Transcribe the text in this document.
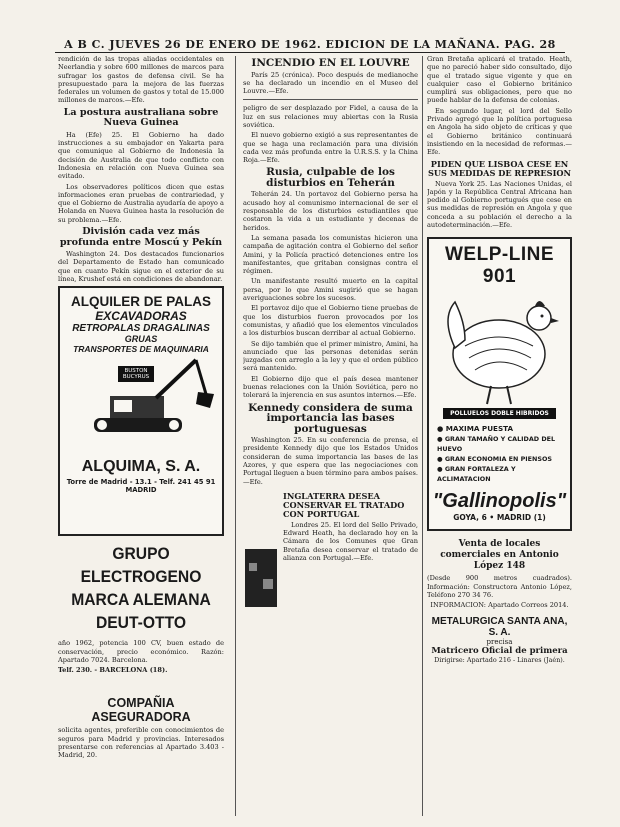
A B C. JUEVES 26 DE ENERO DE 1962. EDICION DE LA MAÑANA. PAG. 28

rendición de las tropas aliadas occidentales en Neerlandia y sobre 600 millones de marcos para sufragar los gastos de defensa civil. Se ha presupuestado para la mejora de las fuerzas federales un volumen de gastos y total de 15.000 millones de marcos.—Efe.

La postura australiana sobre Nueva Guinea

Ha (Efe) 25. El Gobierno ha dado instrucciones a su embajador en Yakarta para que comunique al Gobierno de Indonesia la decisión de Australia de que todo conflicto con Indonesia en relación con Nueva Guinea sea evitado.

Los observadores políticos dicen que estas informaciones eran pruebas de contrariedad, y que el Gobierno de Australia ayudaría de apoyo a Holanda en Nueva Guinea hasta la resolución de su problema.—Efe.

División cada vez más profunda entre Moscú y Pekín

Washington 24. Dos destacados funcionarios del Departamento de Estado han comunicado que en cuanto Pekín sigue en el exterior de su línea, Krushef está en condiciones de abandonar.

ALQUILER DE PALAS
EXCAVADORAS
RETROPALAS DRAGALINAS
GRUAS
TRANSPORTES DE MAQUINARIA
BUSTON BUCYRUS
ALQUIMA, S. A.
Torre de Madrid - 13.1 - Telf. 241 45 91
MADRID
GRUPO ELECTROGENO
MARCA ALEMANA
DEUT-OTTO

año 1962, potencia 100 CV, buen estado de conservación, precio económico. Razón: Apartado 7024. Barcelona.

Telf. 230. - BARCELONA (18).

COMPAÑIA ASEGURADORA

solicita agentes, preferible con conocimientos de seguros para Madrid y provincias. Interesados presentarse con referencias al Apartado 3.403 - Madrid, 20.

INCENDIO EN EL LOUVRE

París 25 (crónica). Poco después de medianoche se ha declarado un incendio en el Museo del Louvre.—Efe.

peligro de ser desplazado por Fidel, a causa de la luz en sus relaciones muy abiertas con la Rusia soviética.

El nuevo gobierno exigió a sus representantes de que se haga una reclamación para una división cada vez más profunda entre la U.R.S.S. y la China Roja.—Efe.

Rusia, culpable de los disturbios en Teherán

Teherán 24. Un portavoz del Gobierno persa ha acusado hoy al comunismo internacional de ser el responsable de los disturbios estudiantiles que costaron la vida a un estudiante y decenas de heridos.

La semana pasada los comunistas hicieron una campaña de agitación contra el Gobierno del señor Amini, y la Policía practicó detenciones entre los manifestantes, que gritaban consignas contra el régimen.

Un manifestante resultó muerto en la capital persa, por lo que Amini sugirió que se hagan averiguaciones sobre los sucesos.

El portavoz dijo que el Gobierno tiene pruebas de que los disturbios fueron provocados por los comunistas, y añadió que los elementos vinculados a los disturbios buscan derribar al actual Gobierno.

Se dijo también que el primer ministro, Amini, ha anunciado que las personas detenidas serán juzgadas con arreglo a la ley y que el orden público será mantenido.

El Gobierno dijo que el país desea mantener buenas relaciones con la Unión Soviética, pero no tolerará la injerencia en sus asuntos internos.—Efe.

Kennedy considera de suma importancia las bases portuguesas

Washington 25. En su conferencia de prensa, el presidente Kennedy dijo que los Estados Unidos consideran de suma importancia las bases de las Azores, y que espera que las negociaciones con Portugal lleguen a buen término para ambos países.—Efe.

INGLATERRA DESEA CONSERVAR EL TRATADO CON PORTUGAL

Londres 25. El lord del Sello Privado, Edward Heath, ha declarado hoy en la Cámara de los Comunes que Gran Bretaña desea conservar el tratado de alianza con Portugal.—Efe.

Gran Bretaña aplicará el tratado. Heath, que no pareció haber sido consultado, dijo que el tratado sigue vigente y que en cualquier caso el Gobierno británico cumplirá sus obligaciones, pero que no puede hablar de la defensa de colonias.

En segundo lugar, el lord del Sello Privado agregó que la política portuguesa en Angola ha sido objeto de críticas y que el Gobierno británico continuará insistiendo en la necesidad de reformas.—Efe.

PIDEN QUE LISBOA CESE EN SUS MEDIDAS DE REPRESION

Nueva York 25. Las Naciones Unidas, el Japón y la República Central Africana han pedido al Gobierno portugués que cese en sus medidas de represión en Angola y que conceda a su población el derecho a la autodeterminación.—Efe.

WELP-LINE 901
POLLUELOS DOBLE HIBRIDOS
● MAXIMA PUESTA
● GRAN TAMAÑO Y CALIDAD DEL HUEVO
● GRAN ECONOMIA EN PIENSOS
● GRAN FORTALEZA Y ACLIMATACION
"Gallinopolis"
GOYA, 6 • MADRID (1)
Venta de locales comerciales en Antonio López 148

(Desde 900 metros cuadrados). Información: Constructora Antonio López, Teléfono 270 34 76.

INFORMACION: Apartado Correos 2014.

METALURGICA SANTA ANA, S. A.
precisa
Matricero Oficial de primera
Dirigirse: Apartado 216 - Linares (Jaén).
